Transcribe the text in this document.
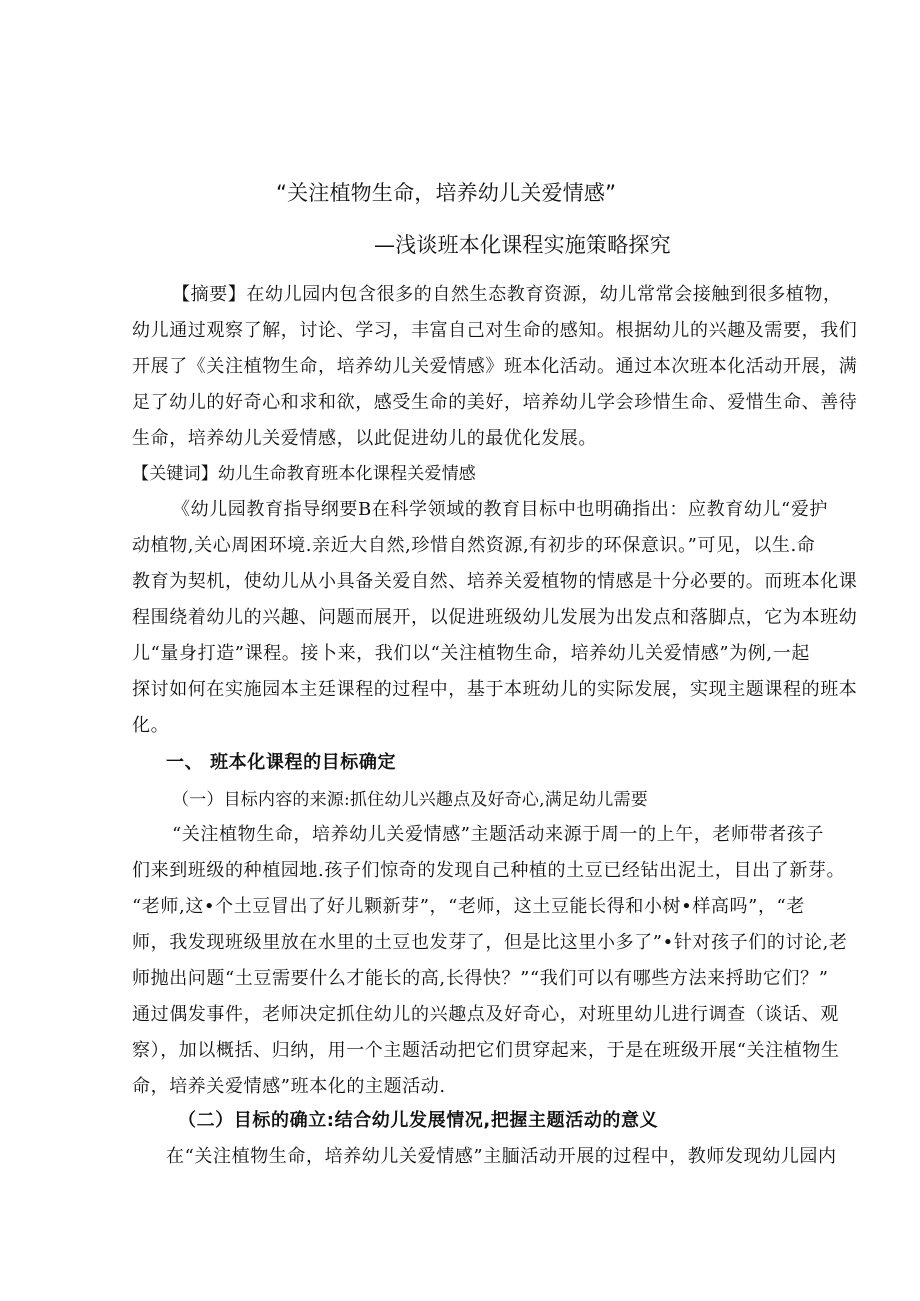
“关注植物生命，培养幼儿关爱情感”
—浅谈班本化课程实施策略探究
【摘要】在幼儿园内包含很多的自然生态教育资源，幼儿常常会接触到很多植物，
幼儿通过观察了解，讨论、学习，丰富自己对生命的感知。根据幼儿的兴趣及需要，我们
开展了《关注植物生命，培养幼儿关爱情感》班本化活动。通过本次班本化活动开展，满
足了幼儿的好奇心和求和欲，感受生命的美好，培养幼儿学会珍惜生命、爱惜生命、善待
生命，培养幼儿关爱情感，以此促进幼儿的最优化发展。
【关键词】幼儿生命教育班本化课程关爱情感
《幼儿园教育指导纲要B在科学领域的教育目标中也明确指出：应教育幼儿“爱护
动植物,关心周困环境.亲近大自然,珍惜自然资源,有初步的环保意识。”可见，以生.命
教育为契机，使幼儿从小具备关爱自然、培养关爱植物的情感是十分必要的。而班本化课
程围绕着幼儿的兴趣、问题而展开，以促进班级幼儿发展为出发点和落脚点，它为本班幼
儿“量身打造”课程。接卜来，我们以“关注植物生命，培养幼儿关爱情感”为例,一起
探讨如何在实施园本主廷课程的过程中，基于本班幼儿的实际发展，实现主题课程的班本
化。
一、 班本化课程的目标确定
（一）目标内容的来源:抓住幼儿兴趣点及好奇心,满足幼儿需要
“关注植物生命，培养幼儿关爱情感”主题活动来源于周一的上午，老师带者孩子
们来到班级的种植园地.孩子们惊奇的发现自己种植的土豆已经钻出泥土，目出了新芽。
“老师,这•个土豆冒出了好儿颗新芽”，“老师，这土豆能长得和小树•样高吗”，“老
师，我发现班级里放在水里的土豆也发芽了，但是比这里小多了”•针对孩子们的讨论,老
师抛出问题“土豆需要什么才能长的高,长得快？”“我们可以有哪些方法来捋助它们？”
通过偶发事件，老师决定抓住幼儿的兴趣点及好奇心，对班里幼儿进行调查（谈话、观
察），加以概括、归纳，用一个主题活动把它们贯穿起来，于是在班级开展“关注植物生
命，培养关爱情感”班本化的主题活动.
（二）目标的确立:结合幼儿发展情况,把握主题活动的意义
在“关注植物生命，培养幼儿关爱情感”主腼活动开展的过程中，教师发现幼儿园内
